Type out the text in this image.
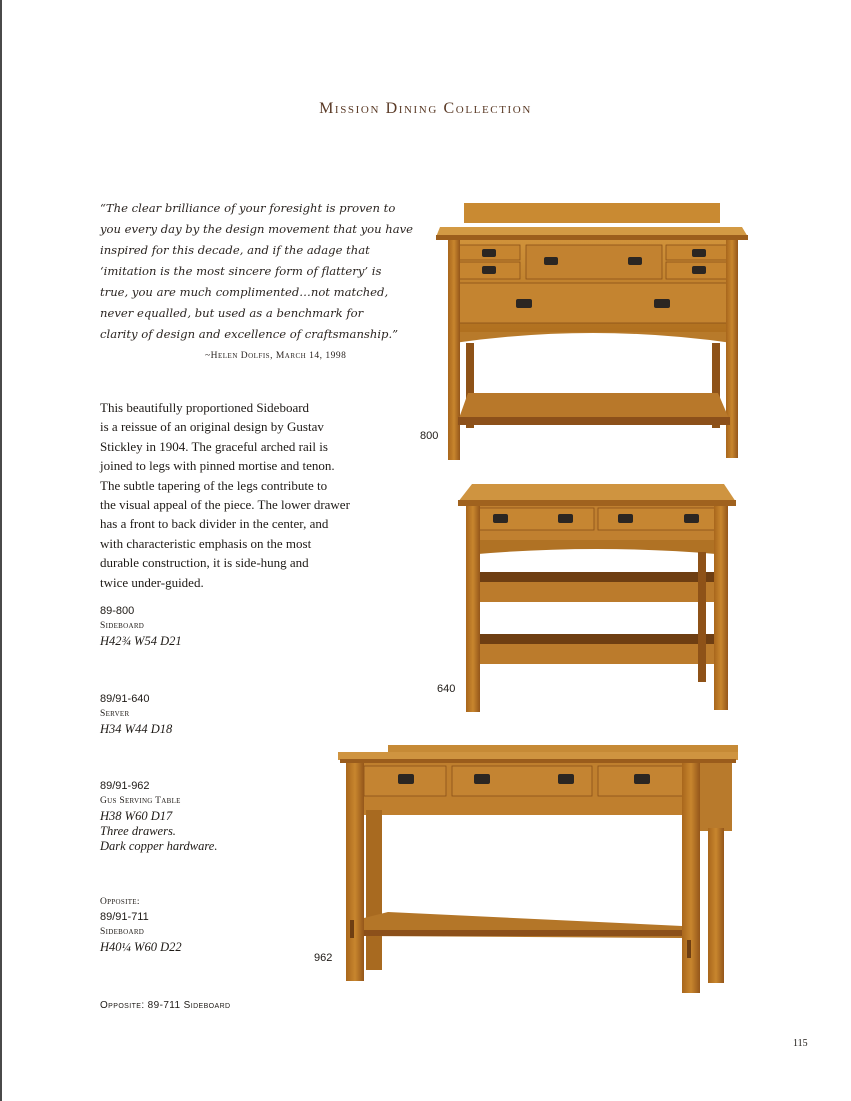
Mission Dining Collection
“The clear brilliance of your foresight is proven to
you every day by the design movement that you have
inspired for this decade, and if the adage that
‘imitation is the most sincere form of flattery’ is
true, you are much complimented…not matched,
never equalled, but used as a benchmark for
clarity of design and excellence of craftsmanship.”
~Helen Dolfis, March 14, 1998
This beautifully proportioned Sideboard
is a reissue of an original design by Gustav
Stickley in 1904. The graceful arched rail is
joined to legs with pinned mortise and tenon.
The subtle tapering of the legs contribute to
the visual appeal of the piece. The lower drawer
has a front to back divider in the center, and
with characteristic emphasis on the most
durable construction, it is side-hung and
twice under-guided.
89-800
Sideboard
H42¾ W54 D21
89/91-640
Server
H34 W44 D18
89/91-962
Gus Serving Table
H38 W60 D17
Three drawers.
Dark copper hardware.
Opposite:
89/91-711
Sideboard
H40¼ W60 D22
Opposite: 89-711 Sideboard
115
800
640
962
